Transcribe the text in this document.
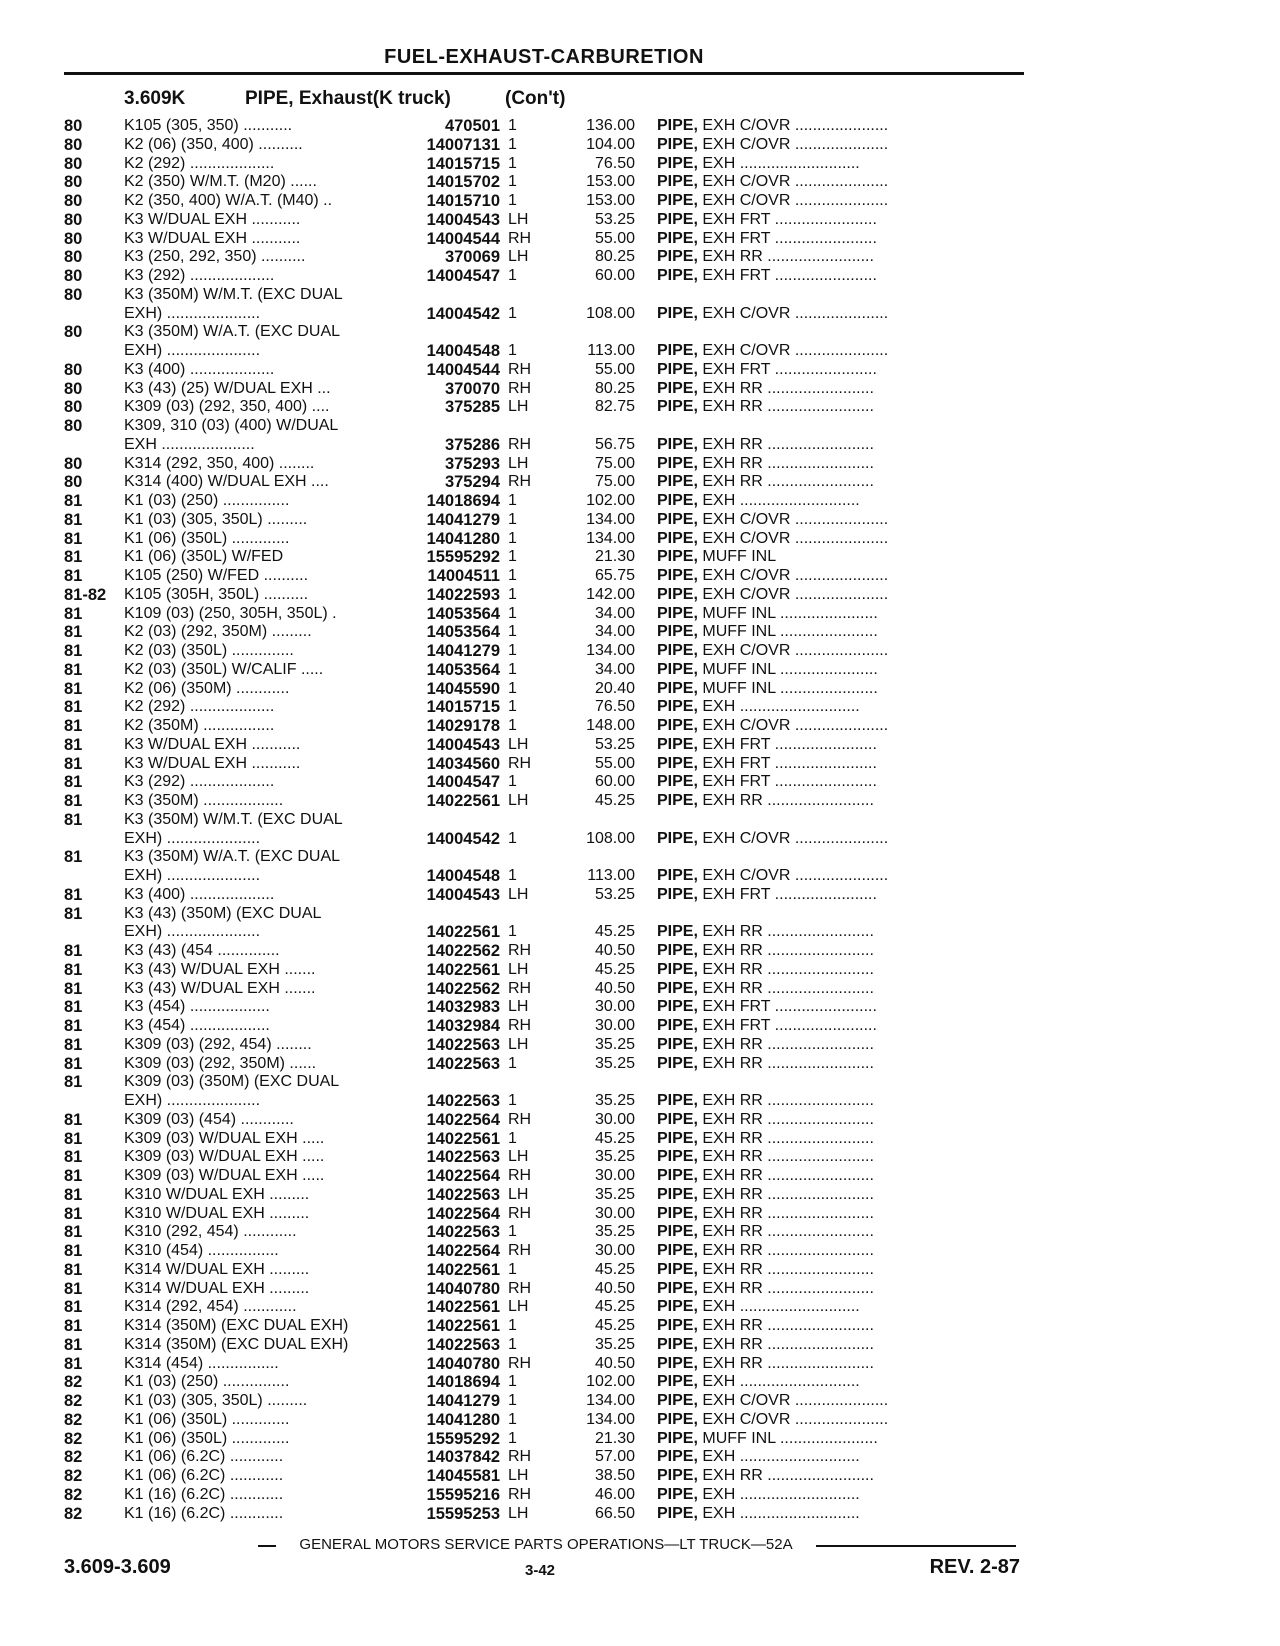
FUEL-EXHAUST-CARBURETION
3.609K	PIPE, Exhaust(K truck)	(Con't)
80	K105 (305, 350) ...........	470501 1	136.00 PIPE, EXH C/OVR .....................
80	K2 (06) (350, 400) ..........	14007131 1	104.00 PIPE, EXH C/OVR .....................
80	K2 (292) ...................	14015715 1	76.50 PIPE, EXH ...........................
80	K2 (350) W/M.T. (M20) ......	14015702 1	153.00 PIPE, EXH C/OVR .....................
80	K2 (350, 400) W/A.T. (M40) ..	14015710 1	153.00 PIPE, EXH C/OVR .....................
80	K3 W/DUAL EXH ...........	14004543 LH	53.25 PIPE, EXH FRT .......................
80	K3 W/DUAL EXH ...........	14004544 RH	55.00 PIPE, EXH FRT .......................
80	K3 (250, 292, 350) ..........	370069 LH	80.25 PIPE, EXH RR ........................
80	K3 (292) ...................	14004547 1	60.00 PIPE, EXH FRT .......................
80	K3 (350M) W/M.T. (EXC DUAL
EXH) .....................	14004542 1	108.00 PIPE, EXH C/OVR .....................
80	K3 (350M) W/A.T. (EXC DUAL
EXH) .....................	14004548 1	113.00 PIPE, EXH C/OVR .....................
80	K3 (400) ...................	14004544 RH	55.00 PIPE, EXH FRT .......................
80	K3 (43) (25) W/DUAL EXH ...	370070 RH	80.25 PIPE, EXH RR ........................
80	K309 (03) (292, 350, 400) ....	375285 LH	82.75 PIPE, EXH RR ........................
80	K309, 310 (03) (400) W/DUAL
EXH .....................	375286 RH	56.75 PIPE, EXH RR ........................
80	K314 (292, 350, 400) ........	375293 LH	75.00 PIPE, EXH RR ........................
80	K314 (400) W/DUAL EXH ....	375294 RH	75.00 PIPE, EXH RR ........................
81	K1 (03) (250) ...............	14018694 1	102.00 PIPE, EXH ...........................
81	K1 (03) (305, 350L) .........	14041279 1	134.00 PIPE, EXH C/OVR .....................
81	K1 (06) (350L) .............	14041280 1	134.00 PIPE, EXH C/OVR .....................
81	K1 (06) (350L) W/FED	15595292 1	21.30 PIPE, MUFF INL
81	K105 (250) W/FED ..........	14004511 1	65.75 PIPE, EXH C/OVR .....................
81-82	K105 (305H, 350L) ..........	14022593 1	142.00 PIPE, EXH C/OVR .....................
81	K109 (03) (250, 305H, 350L) .	14053564 1	34.00 PIPE, MUFF INL ......................
81	K2 (03) (292, 350M) .........	14053564 1	34.00 PIPE, MUFF INL ......................
81	K2 (03) (350L) ..............	14041279 1	134.00 PIPE, EXH C/OVR .....................
81	K2 (03) (350L) W/CALIF .....	14053564 1	34.00 PIPE, MUFF INL ......................
81	K2 (06) (350M) ............	14045590 1	20.40 PIPE, MUFF INL ......................
81	K2 (292) ...................	14015715 1	76.50 PIPE, EXH ...........................
81	K2 (350M) ................	14029178 1	148.00 PIPE, EXH C/OVR .....................
81	K3 W/DUAL EXH ...........	14004543 LH	53.25 PIPE, EXH FRT .......................
81	K3 W/DUAL EXH ...........	14034560 RH	55.00 PIPE, EXH FRT .......................
81	K3 (292) ...................	14004547 1	60.00 PIPE, EXH FRT .......................
81	K3 (350M) ..................	14022561 LH	45.25 PIPE, EXH RR ........................
81	K3 (350M) W/M.T. (EXC DUAL
EXH) .....................	14004542 1	108.00 PIPE, EXH C/OVR .....................
81	K3 (350M) W/A.T. (EXC DUAL
EXH) .....................	14004548 1	113.00 PIPE, EXH C/OVR .....................
81	K3 (400) ...................	14004543 LH	53.25 PIPE, EXH FRT .......................
81	K3 (43) (350M) (EXC DUAL
EXH) .....................	14022561 1	45.25 PIPE, EXH RR ........................
81	K3 (43) (454 ..............	14022562 RH	40.50 PIPE, EXH RR ........................
81	K3 (43) W/DUAL EXH .......	14022561 LH	45.25 PIPE, EXH RR ........................
81	K3 (43) W/DUAL EXH .......	14022562 RH	40.50 PIPE, EXH RR ........................
81	K3 (454) ..................	14032983 LH	30.00 PIPE, EXH FRT .......................
81	K3 (454) ..................	14032984 RH	30.00 PIPE, EXH FRT .......................
81	K309 (03) (292, 454) ........	14022563 LH	35.25 PIPE, EXH RR ........................
81	K309 (03) (292, 350M) ......	14022563 1	35.25 PIPE, EXH RR ........................
81	K309 (03) (350M) (EXC DUAL
EXH) .....................	14022563 1	35.25 PIPE, EXH RR ........................
81	K309 (03) (454) ............	14022564 RH	30.00 PIPE, EXH RR ........................
81	K309 (03) W/DUAL EXH .....	14022561 1	45.25 PIPE, EXH RR ........................
81	K309 (03) W/DUAL EXH .....	14022563 LH	35.25 PIPE, EXH RR ........................
81	K309 (03) W/DUAL EXH .....	14022564 RH	30.00 PIPE, EXH RR ........................
81	K310 W/DUAL EXH .........	14022563 LH	35.25 PIPE, EXH RR ........................
81	K310 W/DUAL EXH .........	14022564 RH	30.00 PIPE, EXH RR ........................
81	K310 (292, 454) ............	14022563 1	35.25 PIPE, EXH RR ........................
81	K310 (454) ................	14022564 RH	30.00 PIPE, EXH RR ........................
81	K314 W/DUAL EXH .........	14022561 1	45.25 PIPE, EXH RR ........................
81	K314 W/DUAL EXH .........	14040780 RH	40.50 PIPE, EXH RR ........................
81	K314 (292, 454) ............	14022561 LH	45.25 PIPE, EXH ...........................
81	K314 (350M) (EXC DUAL EXH)	14022561 1	45.25 PIPE, EXH RR ........................
81	K314 (350M) (EXC DUAL EXH)	14022563 1	35.25 PIPE, EXH RR ........................
81	K314 (454) ................	14040780 RH	40.50 PIPE, EXH RR ........................
82	K1 (03) (250) ...............	14018694 1	102.00 PIPE, EXH ...........................
82	K1 (03) (305, 350L) .........	14041279 1	134.00 PIPE, EXH C/OVR .....................
82	K1 (06) (350L) .............	14041280 1	134.00 PIPE, EXH C/OVR .....................
82	K1 (06) (350L) .............	15595292 1	21.30 PIPE, MUFF INL ......................
82	K1 (06) (6.2C) ............	14037842 RH	57.00 PIPE, EXH ...........................
82	K1 (06) (6.2C) ............	14045581 LH	38.50 PIPE, EXH RR ........................
82	K1 (16) (6.2C) ............	15595216 RH	46.00 PIPE, EXH ...........................
82	K1 (16) (6.2C) ............	15595253 LH	66.50 PIPE, EXH ...........................
GENERAL MOTORS SERVICE PARTS OPERATIONS—LT TRUCK—52A
3.609-3.609	3-42	REV. 2-87
